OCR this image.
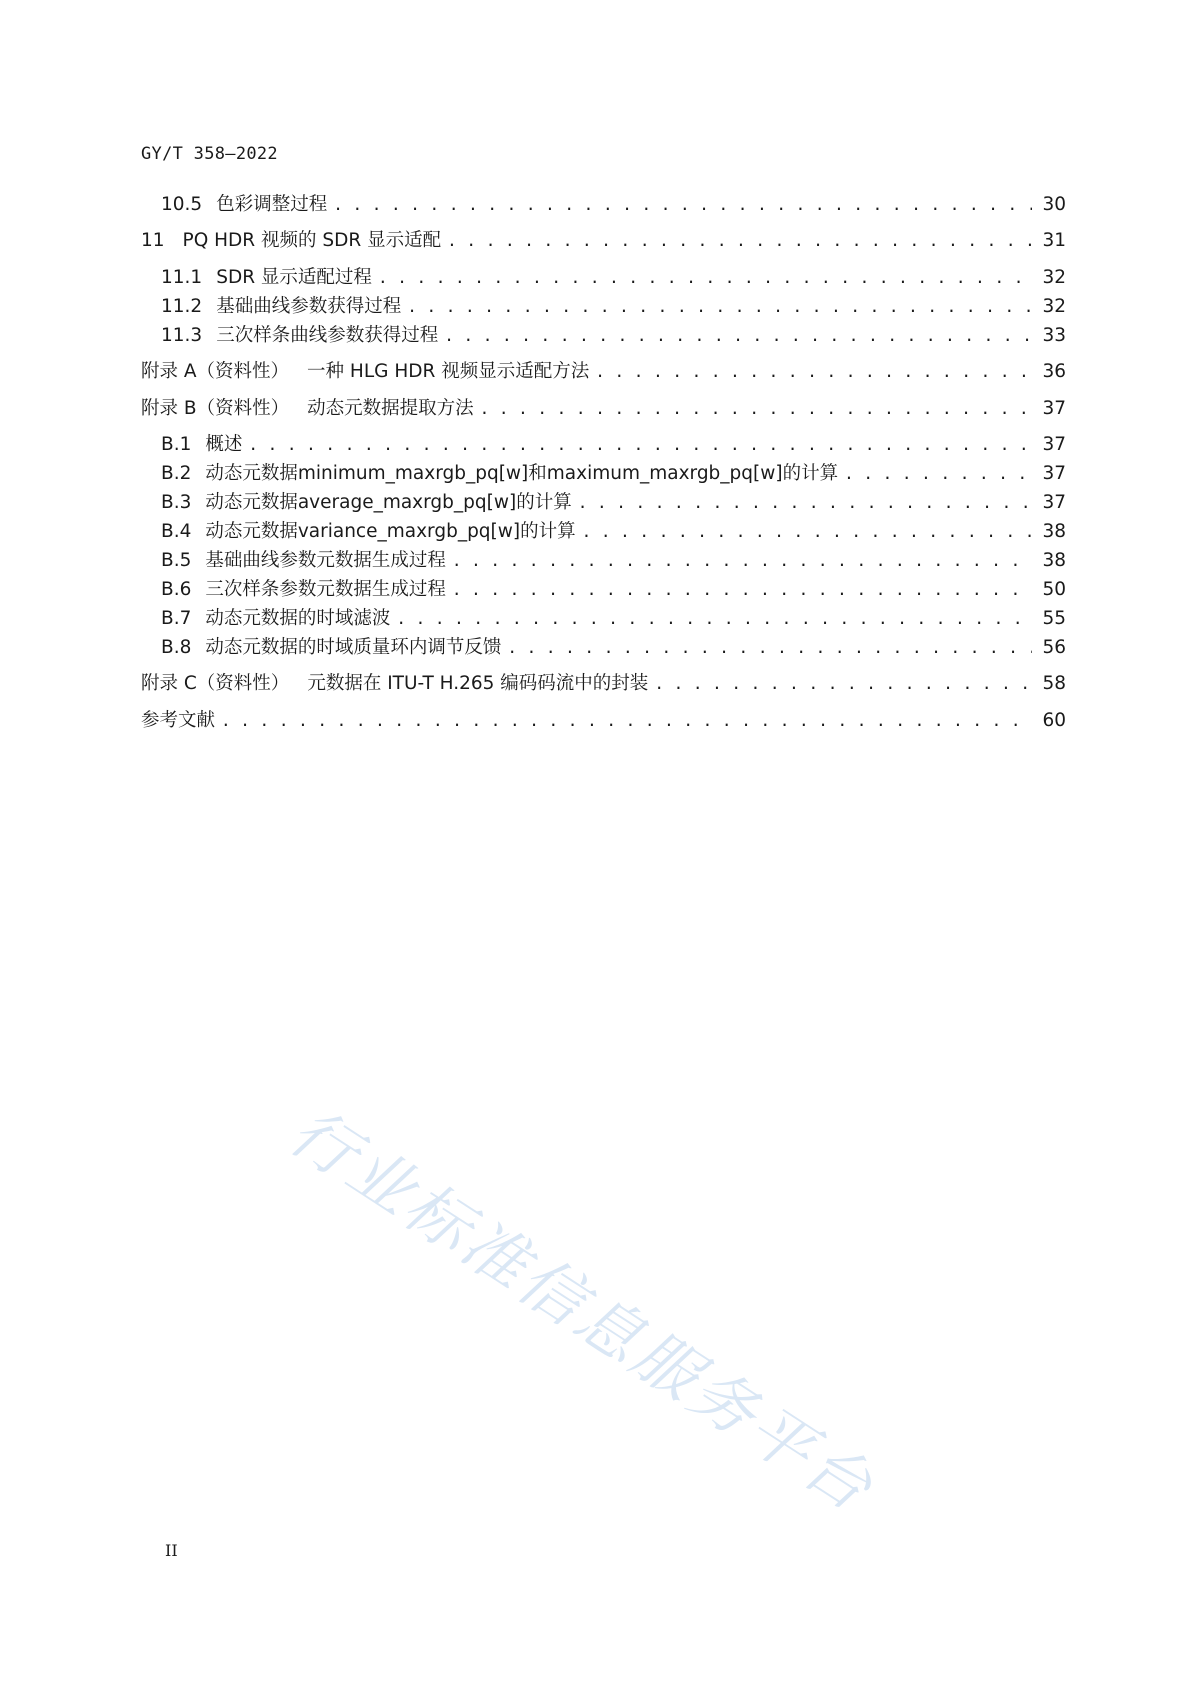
GY/T 358—2022
10.5 色彩调整过程 . . .	30
11 PQ HDR 视频的 SDR 显示适配 . . .	31
11.1 SDR 显示适配过程 . . .	32
11.2 基础曲线参数获得过程 . . .	32
11.3 三次样条曲线参数获得过程 . . .	33
附录 A（资料性） 一种 HLG HDR 视频显示适配方法 . . .	36
附录 B（资料性） 动态元数据提取方法 . . .	37
B.1 概述 . . .	37
B.2 动态元数据minimum_maxrgb_pq[w]和maximum_maxrgb_pq[w]的计算 . . .	37
B.3 动态元数据average_maxrgb_pq[w]的计算 . . .	37
B.4 动态元数据variance_maxrgb_pq[w]的计算 . . .	38
B.5 基础曲线参数元数据生成过程 . . .	38
B.6 三次样条参数元数据生成过程 . . .	50
B.7 动态元数据的时域滤波 . . .	55
B.8 动态元数据的时域质量环内调节反馈 . . .	56
附录 C（资料性） 元数据在 ITU-T H.265 编码码流中的封装 . . .	58
参考文献 . . .	60
行业标准信息服务平台
II
